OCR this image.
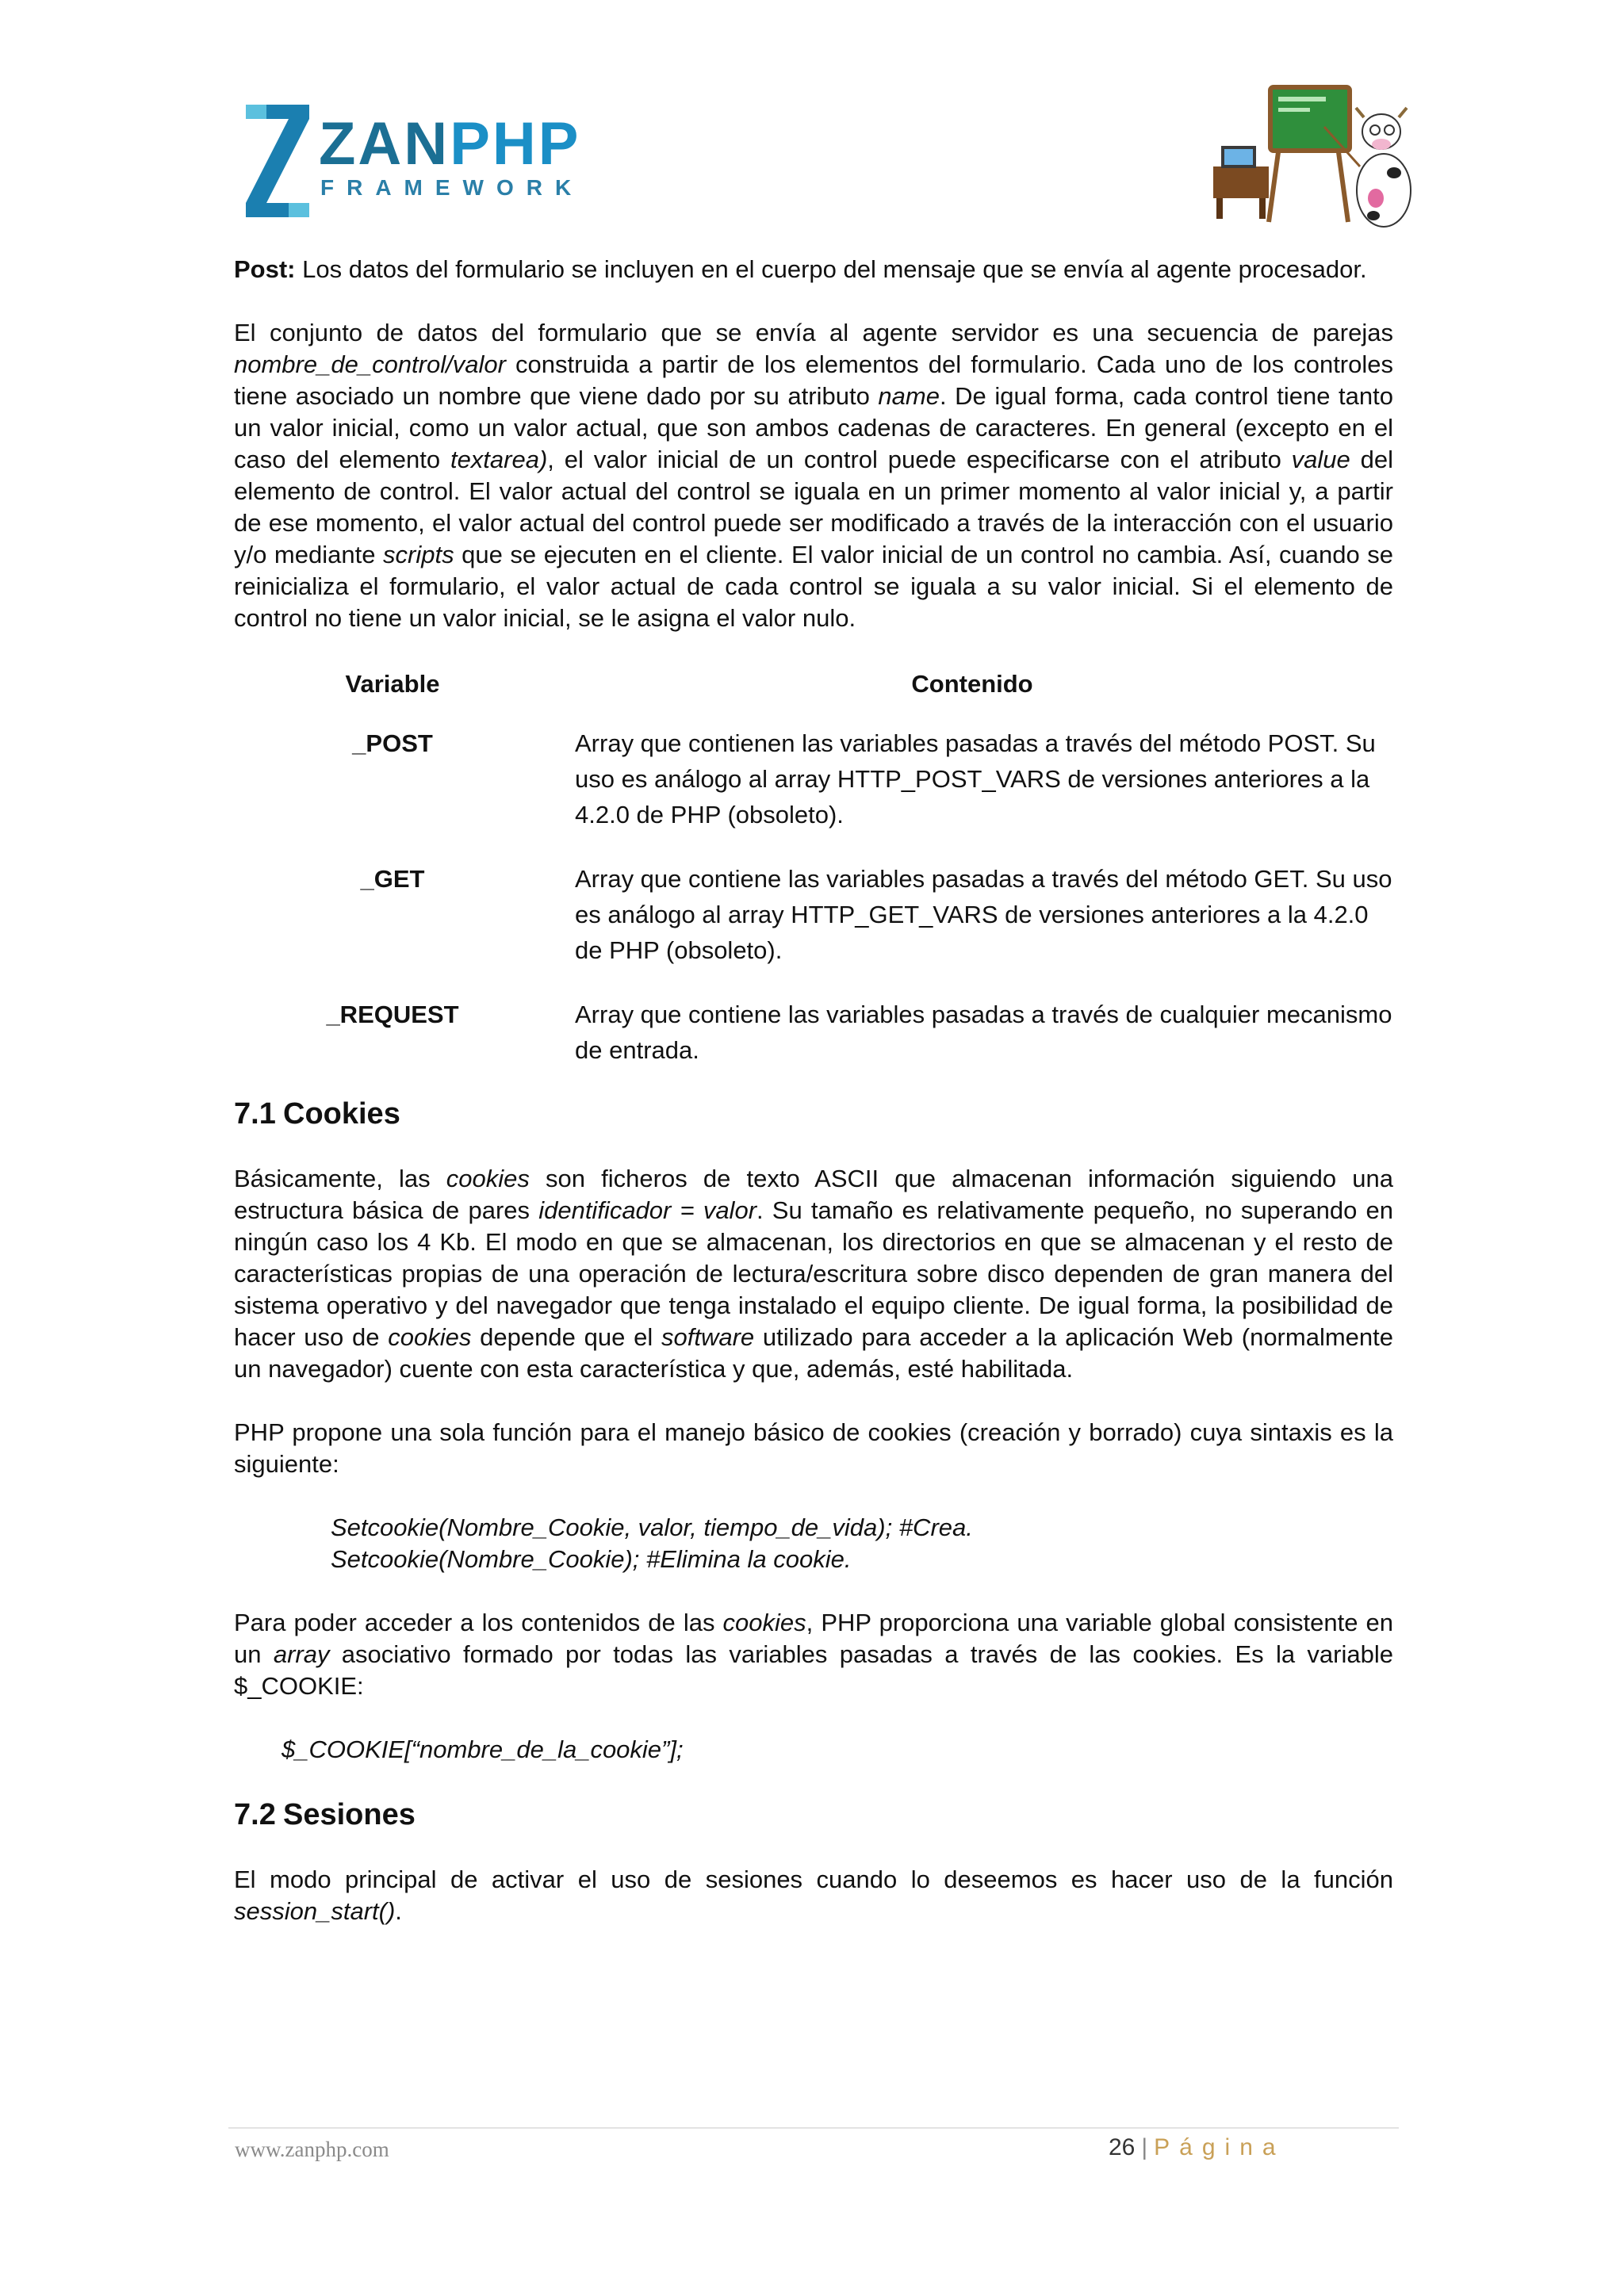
ZANPHP
FRAMEWORK

Post: Los datos del formulario se incluyen en el cuerpo del mensaje que se envía al agente procesador.

El conjunto de datos del formulario que se envía al agente servidor es una secuencia de parejas nombre_de_control/valor construida a partir de los elementos del formulario. Cada uno de los controles tiene asociado un nombre que viene dado por su atributo name. De igual forma, cada control tiene tanto un valor inicial, como un valor actual, que son ambos cadenas de caracteres. En general (excepto en el caso del elemento textarea), el valor inicial de un control puede especificarse con el atributo value del elemento de control. El valor actual del control se iguala en un primer momento al valor inicial y, a partir de ese momento, el valor actual del control puede ser modificado a través de la interacción con el usuario y/o mediante scripts que se ejecuten en el cliente. El valor inicial de un control no cambia. Así, cuando se reinicializa el formulario, el valor actual de cada control se iguala a su valor inicial. Si el elemento de control no tiene un valor inicial, se le asigna el valor nulo.

Variable	Contenido
_POST	Array que contienen las variables pasadas a través del método POST. Su uso es análogo al array HTTP_POST_VARS de versiones anteriores a la 4.2.0 de PHP (obsoleto).
_GET	Array que contiene las variables pasadas a través del método GET. Su uso es análogo al array HTTP_GET_VARS de versiones anteriores a la 4.2.0 de PHP (obsoleto).
_REQUEST	Array que contiene las variables pasadas a través de cualquier mecanismo de entrada.
7.1 Cookies

Básicamente, las cookies son ficheros de texto ASCII que almacenan información siguiendo una estructura básica de pares identificador = valor. Su tamaño es relativamente pequeño, no superando en ningún caso los 4 Kb. El modo en que se almacenan, los directorios en que se almacenan y el resto de características propias de una operación de lectura/escritura sobre disco dependen de gran manera del sistema operativo y del navegador que tenga instalado el equipo cliente. De igual forma, la posibilidad de hacer uso de cookies depende que el software utilizado para acceder a la aplicación Web (normalmente un navegador) cuente con esta característica y que, además, esté habilitada.

PHP propone una sola función para el manejo básico de cookies (creación y borrado) cuya sintaxis es la siguiente:

Setcookie(Nombre_Cookie, valor, tiempo_de_vida); #Crea.
Setcookie(Nombre_Cookie); #Elimina la cookie.

Para poder acceder a los contenidos de las cookies, PHP proporciona una variable global consistente en un array asociativo formado por todas las variables pasadas a través de las cookies. Es la variable $_COOKIE:

$_COOKIE[“nombre_de_la_cookie”];
7.2 Sesiones

El modo principal de activar el uso de sesiones cuando lo deseemos es hacer uso de la función session_start().

www.zanphp.com	26 | Página
